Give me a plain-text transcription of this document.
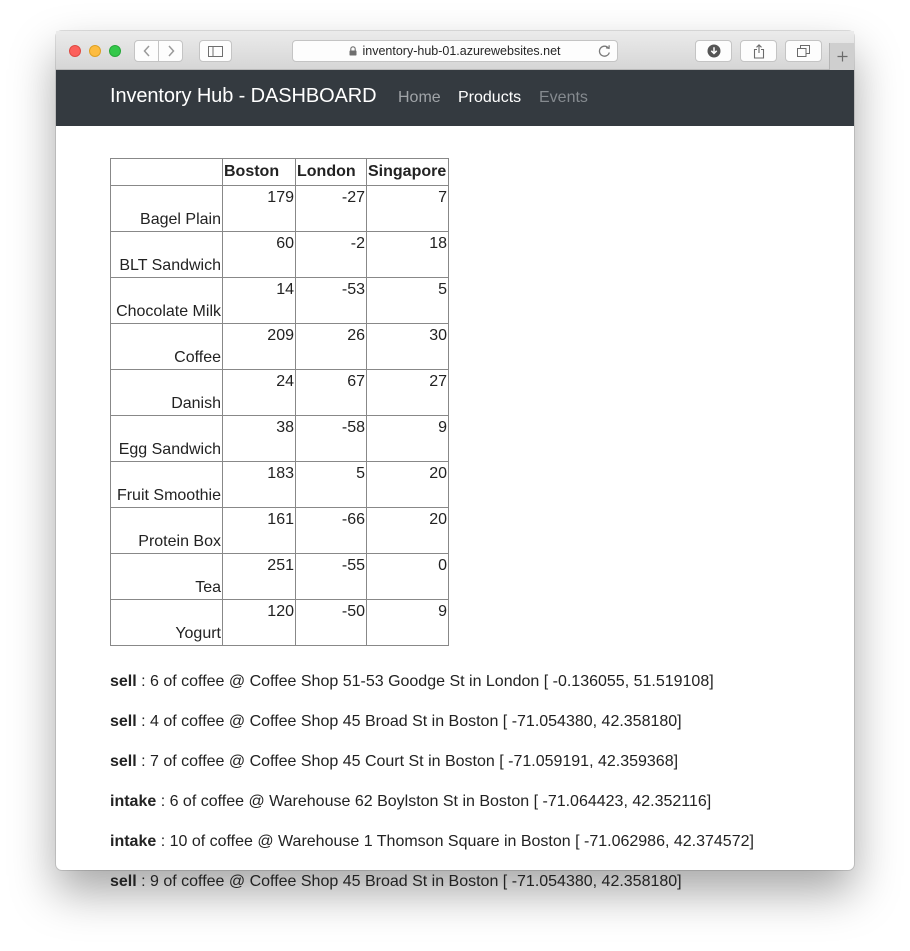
inventory-hub-01.azurewebsites.net
Inventory Hub - DASHBOARD Home Products Events
	Boston	London	Singapore
Bagel Plain	179	-27	7
BLT Sandwich	60	-2	18
Chocolate Milk	14	-53	5
Coffee	209	26	30
Danish	24	67	27
Egg Sandwich	38	-58	9
Fruit Smoothie	183	5	20
Protein Box	161	-66	20
Tea	251	-55	0
Yogurt	120	-50	9
sell : 6 of coffee @ Coffee Shop 51-53 Goodge St in London [ -0.136055, 51.519108]
sell : 4 of coffee @ Coffee Shop 45 Broad St in Boston [ -71.054380, 42.358180]
sell : 7 of coffee @ Coffee Shop 45 Court St in Boston [ -71.059191, 42.359368]
intake : 6 of coffee @ Warehouse 62 Boylston St in Boston [ -71.064423, 42.352116]
intake : 10 of coffee @ Warehouse 1 Thomson Square in Boston [ -71.062986, 42.374572]
sell : 9 of coffee @ Coffee Shop 45 Broad St in Boston [ -71.054380, 42.358180]
